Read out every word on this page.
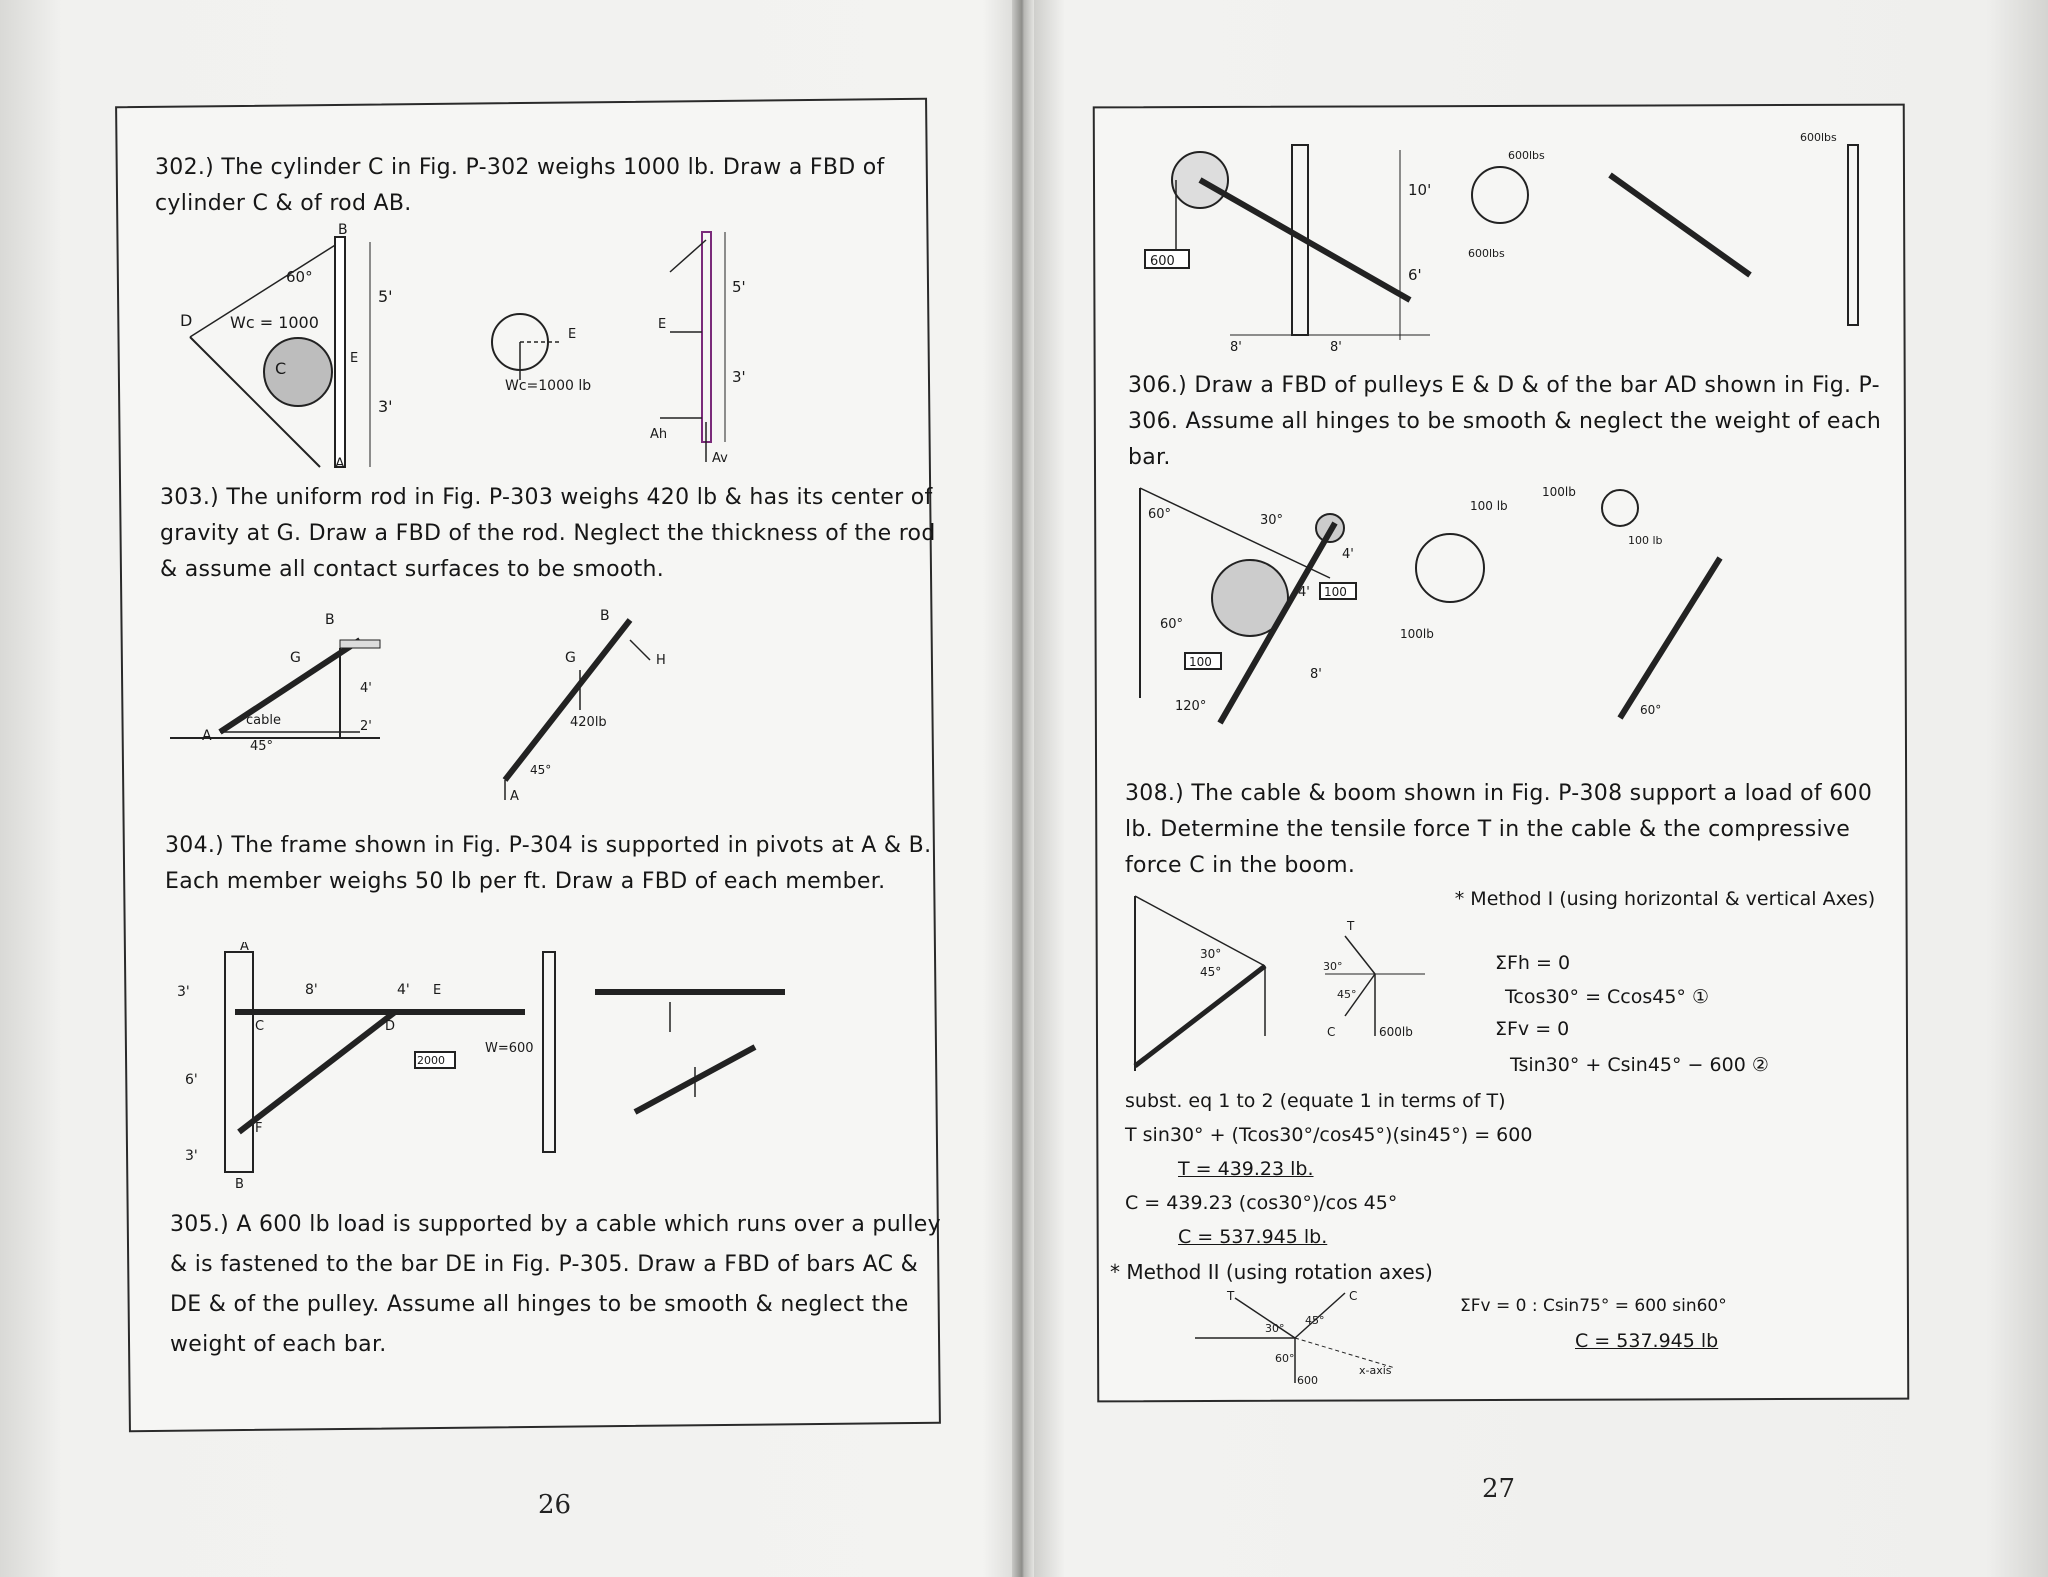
302.) The cylinder C in Fig. P-302 weighs 1000 lb. Draw a FBD of cylinder C & of rod AB.
Wc = 1000
60°
5'
3'
D
B
A
C
E
Wc=1000 lb
E
5'
3'
Ah
Av
E
303.) The uniform rod in Fig. P-303 weighs 420 lb & has its center of gravity at G. Draw a FBD of the rod. Neglect the thickness of the rod & assume all contact surfaces to be smooth.
cable
45°
4'
2'
G
B
A
420lb
45°
G
B
H
A
304.) The frame shown in Fig. P-304 is supported in pivots at A & B. Each member weighs 50 lb per ft. Draw a FBD of each member.
3'	8'	4'
6'
3'
2000
A
B
C	D
E
F
W=600
305.) A 600 lb load is supported by a cable which runs over a pulley & is fastened to the bar DE in Fig. P-305. Draw a FBD of bars AC & DE & of the pulley. Assume all hinges to be smooth & neglect the weight of each bar.
26
600
10'
6'
8'	8'
600lbs
600lbs
600lbs
306.) Draw a FBD of pulleys E & D & of the bar AD shown in Fig. P-306. Assume all hinges to be smooth & neglect the weight of each bar.
60°	30°
60°
120°
4'
4'
8'
100
100
100 lb
100lb
100lb
100 lb
60°
308.) The cable & boom shown in Fig. P-308 support a load of 600 lb. Determine the tensile force T in the cable & the compressive force C in the boom.
30°
45°
T
C	600lb
30°
45°
* Method I (using horizontal & vertical Axes)
ΣFh = 0
Tcos30° = Ccos45° ①
ΣFv = 0
Tsin30° + Csin45° − 600 ②
subst. eq 1 to 2 (equate 1 in terms of T)
T sin30° + (Tcos30°/cos45°)(sin45°) = 600
T = 439.23 lb.
C = 439.23 (cos30°)/cos 45°
C = 537.945 lb.
* Method II (using rotation axes)
T	C
30°
45°
60°
x-axis
600
ΣFv = 0 : Csin75° = 600 sin60°
C = 537.945 lb
27
